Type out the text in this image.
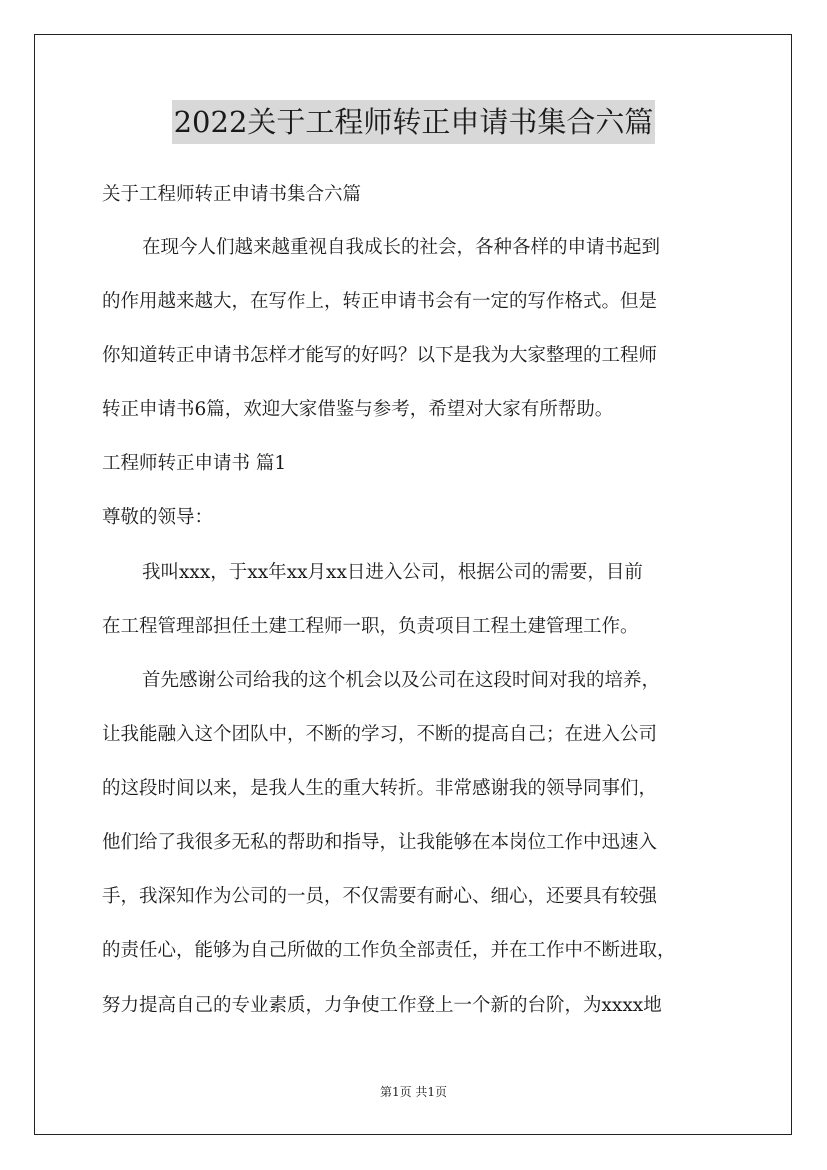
2022关于工程师转正申请书集合六篇
关于工程师转正申请书集合六篇
在现今人们越来越重视自我成长的社会，各种各样的申请书起到
的作用越来越大，在写作上，转正申请书会有一定的写作格式。但是
你知道转正申请书怎样才能写的好吗？以下是我为大家整理的工程师
转正申请书6篇，欢迎大家借鉴与参考，希望对大家有所帮助。
工程师转正申请书 篇1
尊敬的领导：
我叫xxx，于xx年xx月xx日进入公司，根据公司的需要，目前
在工程管理部担任土建工程师一职，负责项目工程土建管理工作。
首先感谢公司给我的这个机会以及公司在这段时间对我的培养，
让我能融入这个团队中，不断的学习，不断的提高自己；在进入公司
的这段时间以来，是我人生的重大转折。非常感谢我的领导同事们，
他们给了我很多无私的帮助和指导，让我能够在本岗位工作中迅速入
手，我深知作为公司的一员，不仅需要有耐心、细心，还要具有较强
的责任心，能够为自己所做的工作负全部责任，并在工作中不断进取，
努力提高自己的专业素质，力争使工作登上一个新的台阶，为xxxx地
第1页 共1页
